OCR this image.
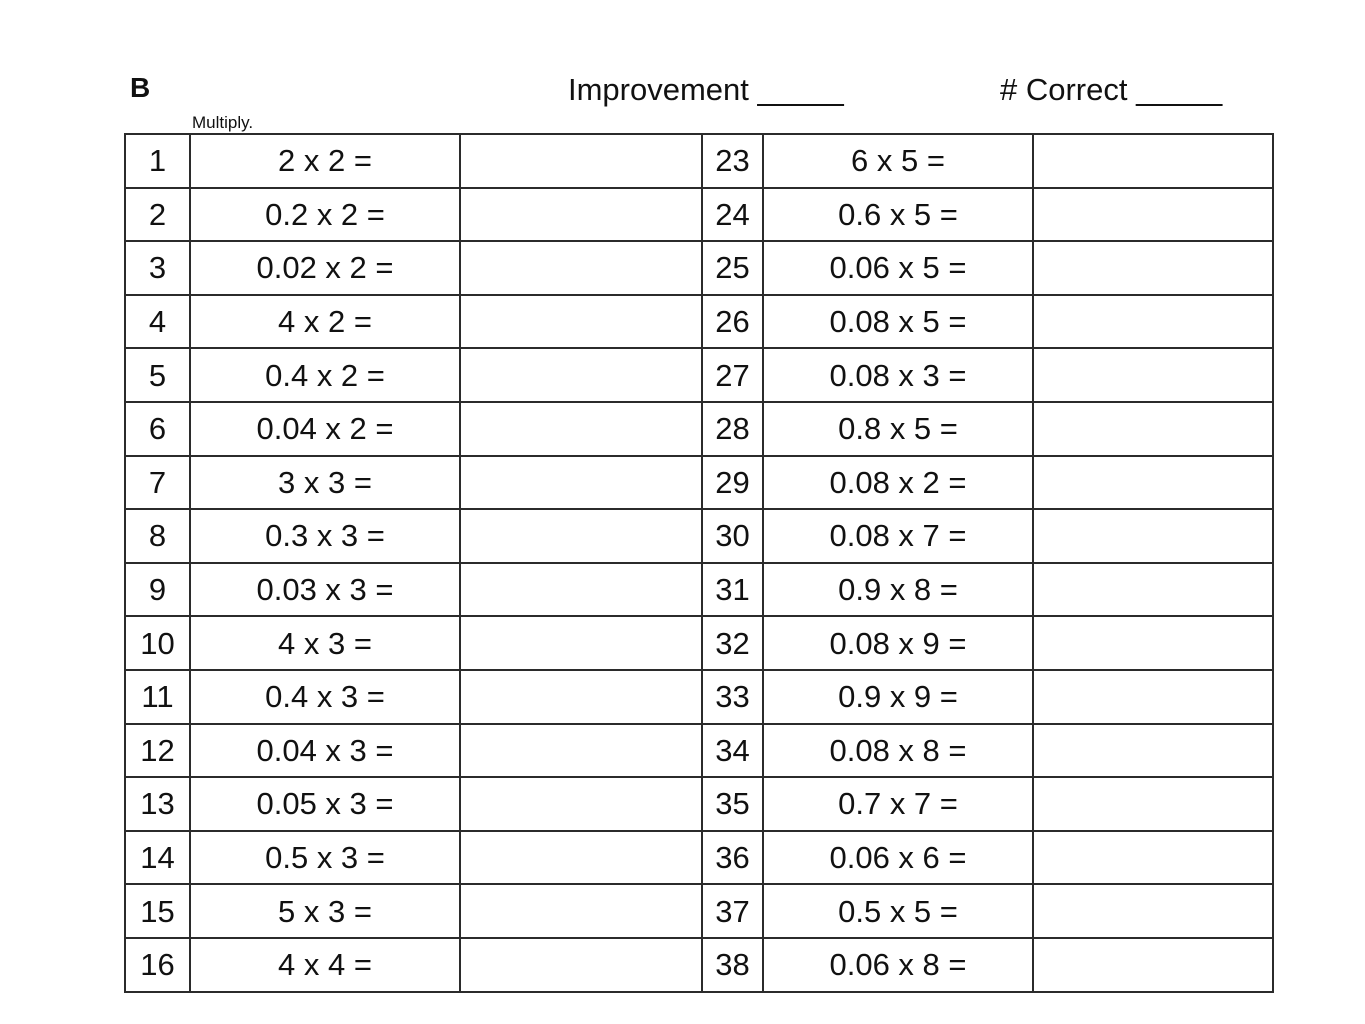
B	Improvement _____	# Correct _____
Multiply.
1	2 x 2 =		23	6 x 5 =	
2	0.2 x 2 =		24	0.6 x 5 =	
3	0.02 x 2 =		25	0.06 x 5 =	
4	4 x 2 =		26	0.08 x 5 =	
5	0.4 x 2 =		27	0.08 x 3 =	
6	0.04 x 2 =		28	0.8 x 5 =	
7	3 x 3 =		29	0.08 x 2 =	
8	0.3 x 3 =		30	0.08 x 7 =	
9	0.03 x 3 =		31	0.9 x 8 =	
10	4 x 3 =		32	0.08 x 9 =	
11	0.4 x 3 =		33	0.9 x 9 =	
12	0.04 x 3 =		34	0.08 x 8 =	
13	0.05 x 3 =		35	0.7 x 7 =	
14	0.5 x 3 =		36	0.06 x 6 =	
15	5 x 3 =		37	0.5 x 5 =	
16	4 x 4 =		38	0.06 x 8 =	
